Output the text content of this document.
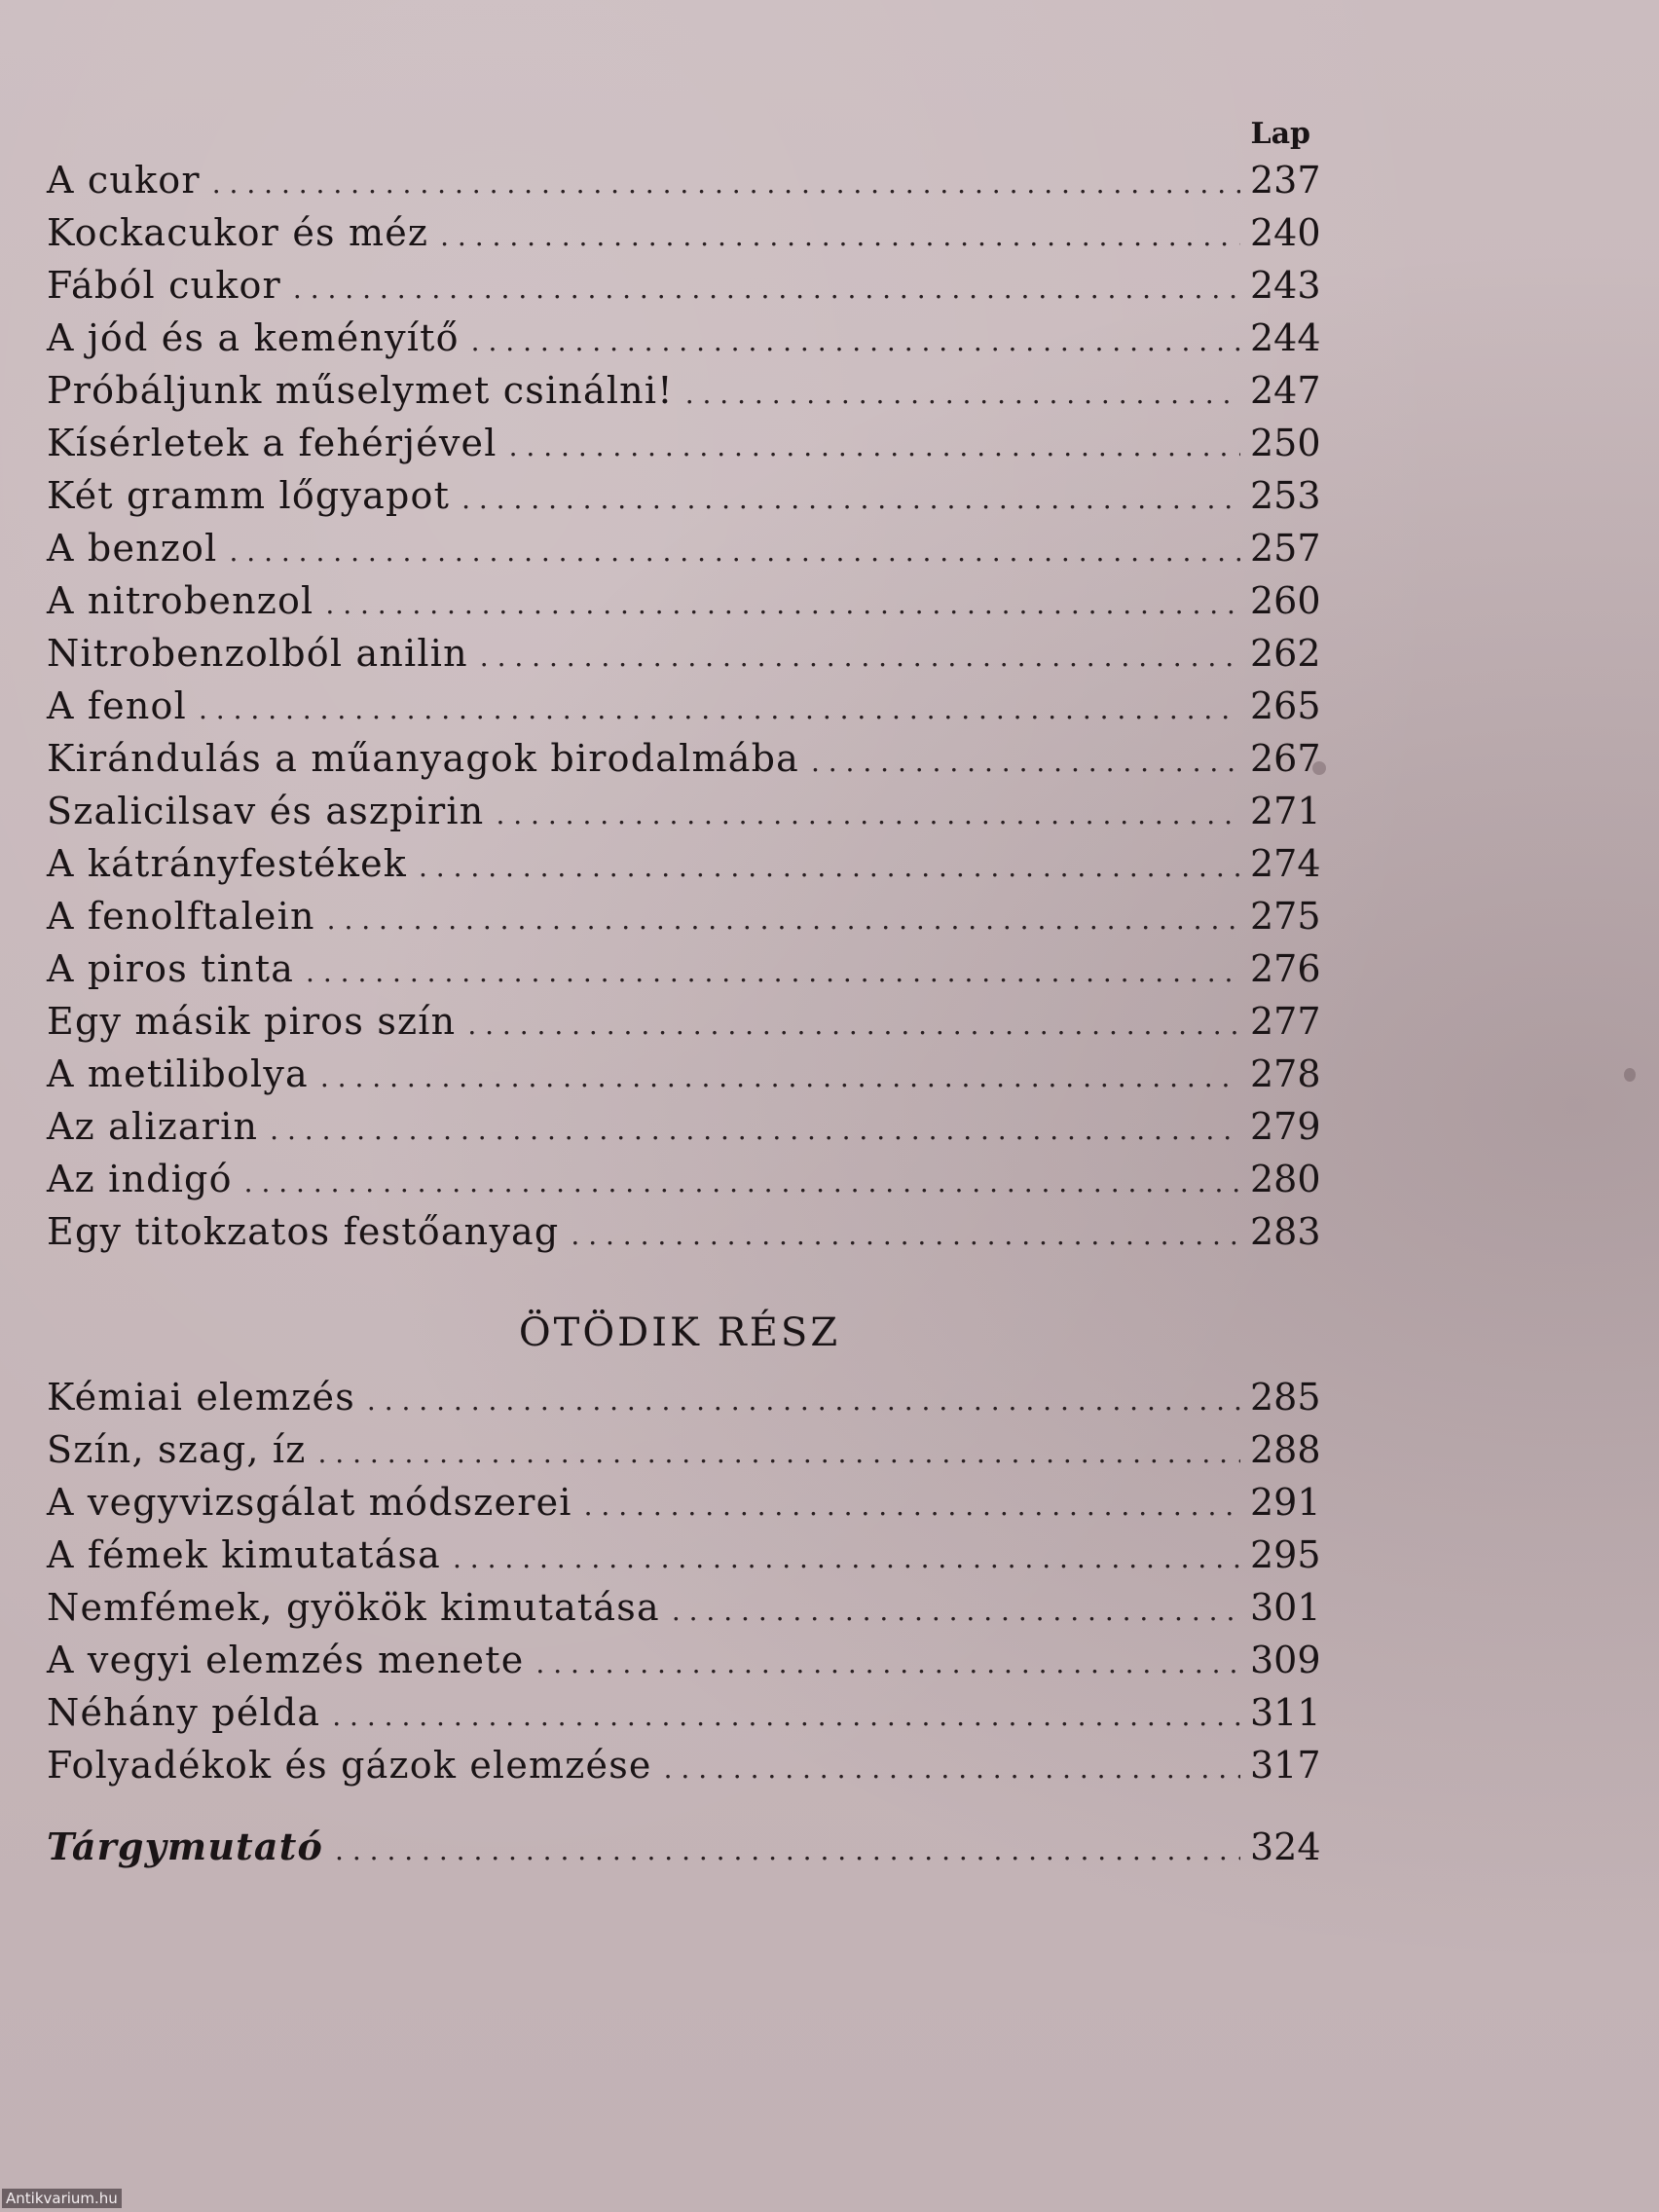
Lap
A cukor . . .	237
Kockacukor és méz . . .	240
Fából cukor . . .	243
A jód és a keményítő . . .	244
Próbáljunk műselymet csinálni! . . .	247
Kísérletek a fehérjével . . .	250
Két gramm lőgyapot . . .	253
A benzol . . .	257
A nitrobenzol . . .	260
Nitrobenzolból anilin . . .	262
A fenol . . .	265
Kirándulás a műanyagok birodalmába . . .	267
Szalicilsav és aszpirin . . .	271
A kátrányfestékek . . .	274
A fenolftalein . . .	275
A piros tinta . . .	276
Egy másik piros szín . . .	277
A metilibolya . . .	278
Az alizarin . . .	279
Az indigó . . .	280
Egy titokzatos festőanyag . . .	283
ÖTÖDIK RÉSZ
Kémiai elemzés . . .	285
Szín, szag, íz . . .	288
A vegyvizsgálat módszerei . . .	291
A fémek kimutatása . . .	295
Nemfémek, gyökök kimutatása . . .	301
A vegyi elemzés menete . . .	309
Néhány példa . . .	311
Folyadékok és gázok elemzése . . .	317
Tárgymutató . . .	324
Antikvarium.hu
